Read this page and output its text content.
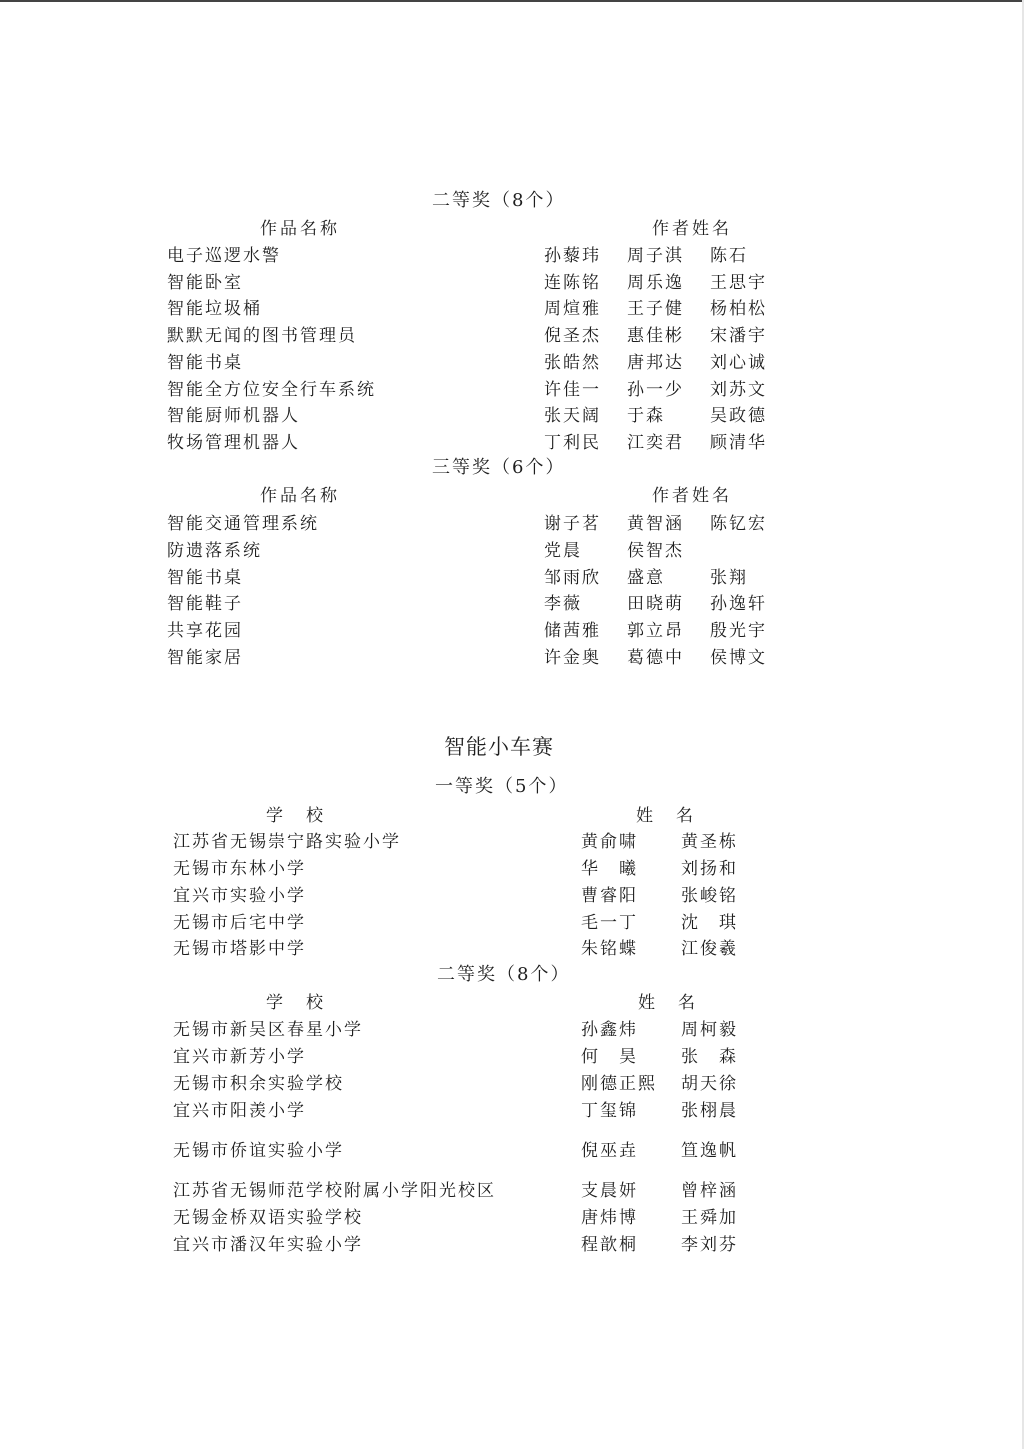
二等奖（8个）
作品名称	作者姓名
电子巡逻水警	孙藜玮 周子淇 陈石
智能卧室	连陈铭 周乐逸 王思宇
智能垃圾桶	周煊雅 王子健 杨柏松
默默无闻的图书管理员	倪圣杰 惠佳彬 宋潘宇
智能书桌	张皓然 唐邦达 刘心诚
智能全方位安全行车系统	许佳一 孙一少 刘苏文
智能厨师机器人	张天阔 于森	吴政德
牧场管理机器人	丁利民 江奕君 顾清华
三等奖（6个）
作品名称	作者姓名
智能交通管理系统	谢子茗 黄智涵 陈钇宏
防遗落系统	党晨	侯智杰
智能书桌	邹雨欣 盛意	张翔
智能鞋子	李薇	田晓萌 孙逸轩
共享花园	储茜雅 郭立昂 殷光宇
智能家居	许金奥 葛德中 侯博文
智能小车赛
一等奖（5个）
学　校	姓　名
江苏省无锡崇宁路实验小学	黄俞啸	黄圣栋
无锡市东林小学	华　曦	刘扬和
宜兴市实验小学	曹睿阳	张峻铭
无锡市后宅中学	毛一丁	沈　琪
无锡市塔影中学	朱铭蝶	江俊羲
二等奖（8个）
学　校	姓　名
无锡市新吴区春星小学	孙鑫炜	周柯毅
宜兴市新芳小学	何　昊	张　森
无锡市积余实验学校	刚德正熙 胡天徐
宜兴市阳羡小学	丁玺锦	张栩晨
无锡市侨谊实验小学	倪巫垚	笪逸帆
江苏省无锡师范学校附属小学阳光校区	支晨妍	曾梓涵
无锡金桥双语实验学校	唐炜博	王舜加
宜兴市潘汉年实验小学	程歆桐	李刘芬
